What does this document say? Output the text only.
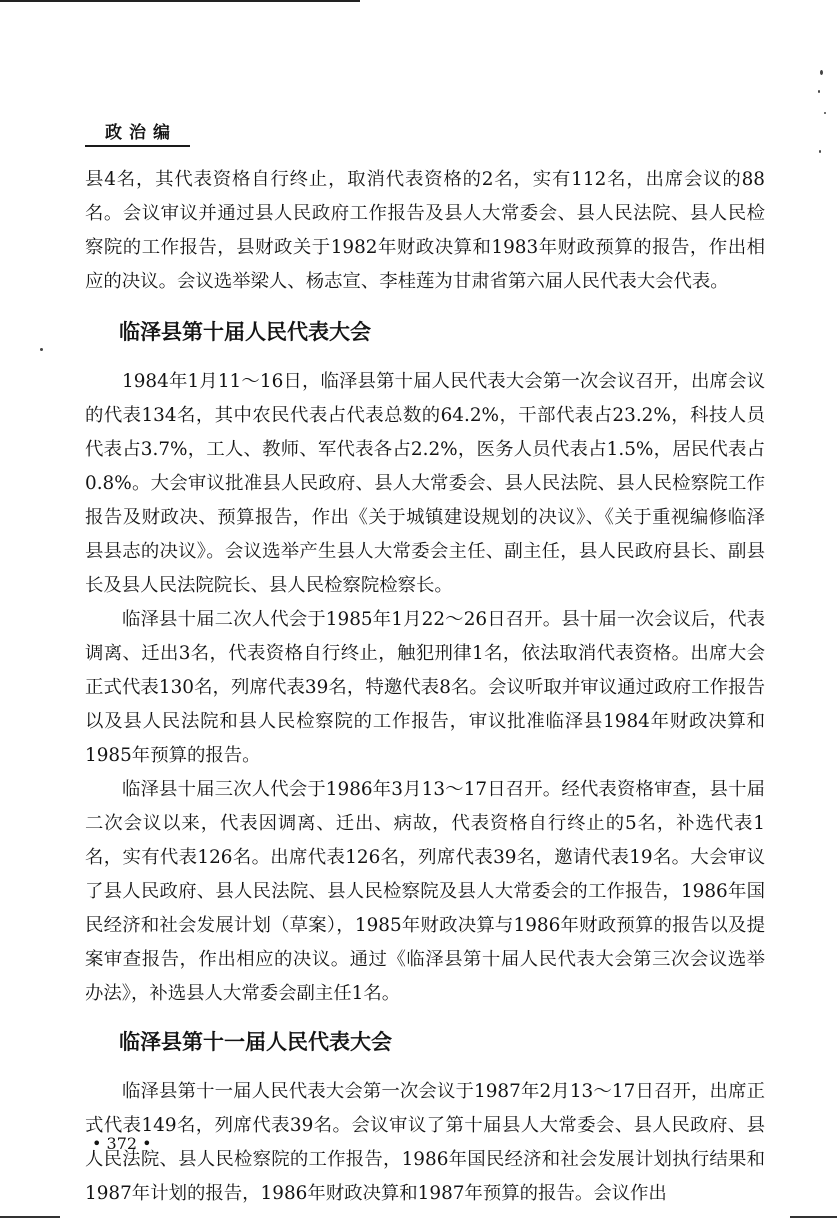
政治编

县4名，其代表资格自行终止，取消代表资格的2名，实有112名，出席会议的88名。会议审议并通过县人民政府工作报告及县人大常委会、县人民法院、县人民检察院的工作报告，县财政关于1982年财政决算和1983年财政预算的报告，作出相应的决议。会议选举梁人、杨志宣、李桂莲为甘肃省第六届人民代表大会代表。

临泽县第十届人民代表大会

1984年1月11～16日，临泽县第十届人民代表大会第一次会议召开，出席会议的代表134名，其中农民代表占代表总数的64.2%，干部代表占23.2%，科技人员代表占3.7%，工人、教师、军代表各占2.2%，医务人员代表占1.5%，居民代表占0.8%。大会审议批准县人民政府、县人大常委会、县人民法院、县人民检察院工作报告及财政决、预算报告，作出《关于城镇建设规划的决议》、《关于重视编修临泽县县志的决议》。会议选举产生县人大常委会主任、副主任，县人民政府县长、副县长及县人民法院院长、县人民检察院检察长。

临泽县十届二次人代会于1985年1月22～26日召开。县十届一次会议后，代表调离、迁出3名，代表资格自行终止，触犯刑律1名，依法取消代表资格。出席大会正式代表130名，列席代表39名，特邀代表8名。会议听取并审议通过政府工作报告以及县人民法院和县人民检察院的工作报告，审议批准临泽县1984年财政决算和1985年预算的报告。

临泽县十届三次人代会于1986年3月13～17日召开。经代表资格审查，县十届二次会议以来，代表因调离、迁出、病故，代表资格自行终止的5名，补选代表1名，实有代表126名。出席代表126名，列席代表39名，邀请代表19名。大会审议了县人民政府、县人民法院、县人民检察院及县人大常委会的工作报告，1986年国民经济和社会发展计划（草案），1985年财政决算与1986年财政预算的报告以及提案审查报告，作出相应的决议。通过《临泽县第十届人民代表大会第三次会议选举办法》，补选县人大常委会副主任1名。

临泽县第十一届人民代表大会

临泽县第十一届人民代表大会第一次会议于1987年2月13～17日召开，出席正式代表149名，列席代表39名。会议审议了第十届县人大常委会、县人民政府、县人民法院、县人民检察院的工作报告，1986年国民经济和社会发展计划执行结果和1987年计划的报告，1986年财政决算和1987年预算的报告。会议作出

• 372 •
